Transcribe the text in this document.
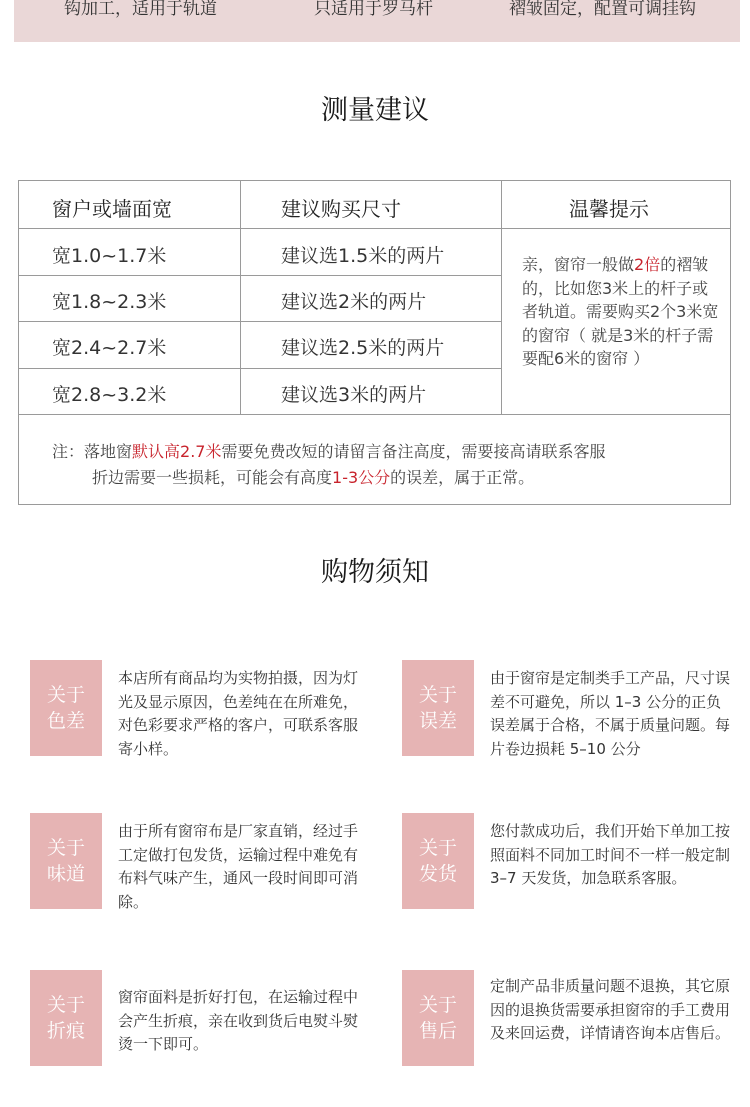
钩加工，适用于轨道	只适用于罗马杆	褶皱固定，配置可调挂钩
测量建议
窗户或墙面宽	建议购买尺寸	温馨提示
宽1.0~1.7米	建议选1.5米的两片
宽1.8~2.3米	建议选2米的两片
宽2.4~2.7米	建议选2.5米的两片
宽2.8~3.2米	建议选3米的两片
亲，窗帘一般做2倍的褶皱的，比如您3米上的杆子或者轨道。需要购买2个3米宽的窗帘（ 就是3米的杆子需要配6米的窗帘 ）
注：落地窗默认高2.7米需要免费改短的请留言备注高度，需要接高请联系客服
折边需要一些损耗，可能会有高度1-3公分的误差，属于正常。
购物须知
关于
色差
本店所有商品均为实物拍摄，因为灯光及显示原因，色差纯在在所难免，对色彩要求严格的客户，可联系客服寄小样。
关于
误差
由于窗帘是定制类手工产品，尺寸误差不可避免，所以 1–3 公分的正负误差属于合格，不属于质量问题。每片卷边损耗 5–10 公分
关于
味道
由于所有窗帘布是厂家直销，经过手工定做打包发货，运输过程中难免有布料气味产生，通风一段时间即可消除。
关于
发货
您付款成功后，我们开始下单加工按照面料不同加工时间不一样一般定制 3–7 天发货，加急联系客服。
关于
折痕
窗帘面料是折好打包，在运输过程中会产生折痕，亲在收到货后电熨斗熨烫一下即可。
关于
售后
定制产品非质量问题不退换，其它原因的退换货需要承担窗帘的手工费用及来回运费，详情请咨询本店售后。
